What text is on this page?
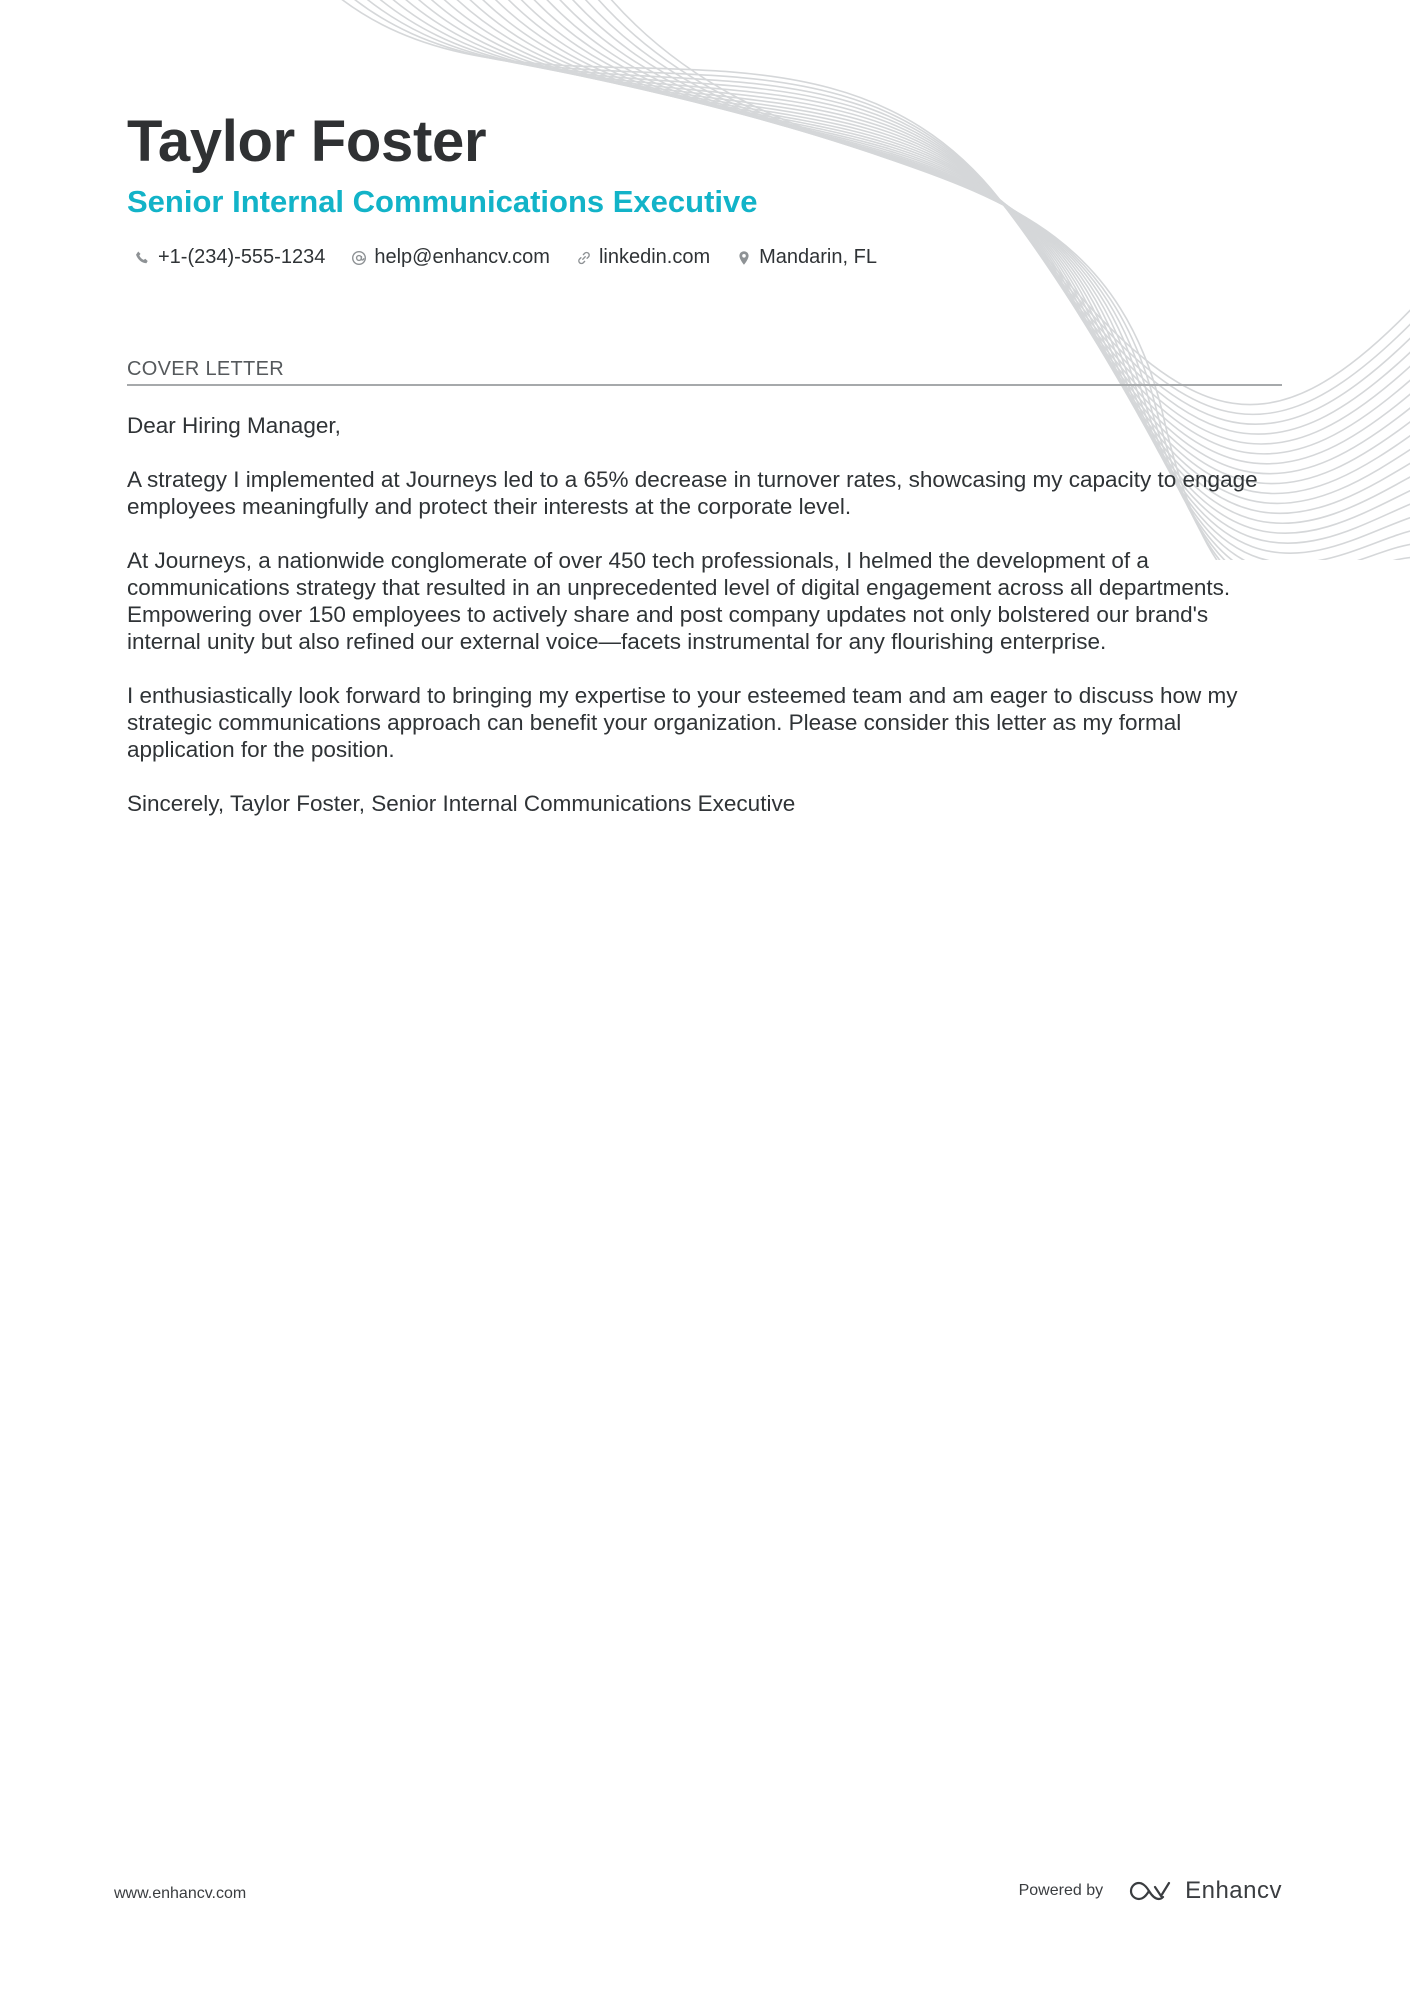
Taylor Foster
Senior Internal Communications Executive
+1-(234)-555-1234 help@enhancv.com linkedin.com Mandarin, FL
COVER LETTER

Dear Hiring Manager,

A strategy I implemented at Journeys led to a 65% decrease in turnover rates, showcasing my capacity to engage employees meaningfully and protect their interests at the corporate level.

At Journeys, a nationwide conglomerate of over 450 tech professionals, I helmed the development of a communications strategy that resulted in an unprecedented level of digital engagement across all departments. Empowering over 150 employees to actively share and post company updates not only bolstered our brand's internal unity but also refined our external voice—facets instrumental for any flourishing enterprise.

I enthusiastically look forward to bringing my expertise to your esteemed team and am eager to discuss how my strategic communications approach can benefit your organization. Please consider this letter as my formal application for the position.

Sincerely, Taylor Foster, Senior Internal Communications Executive

www.enhancv.com	Powered by	Enhancv
